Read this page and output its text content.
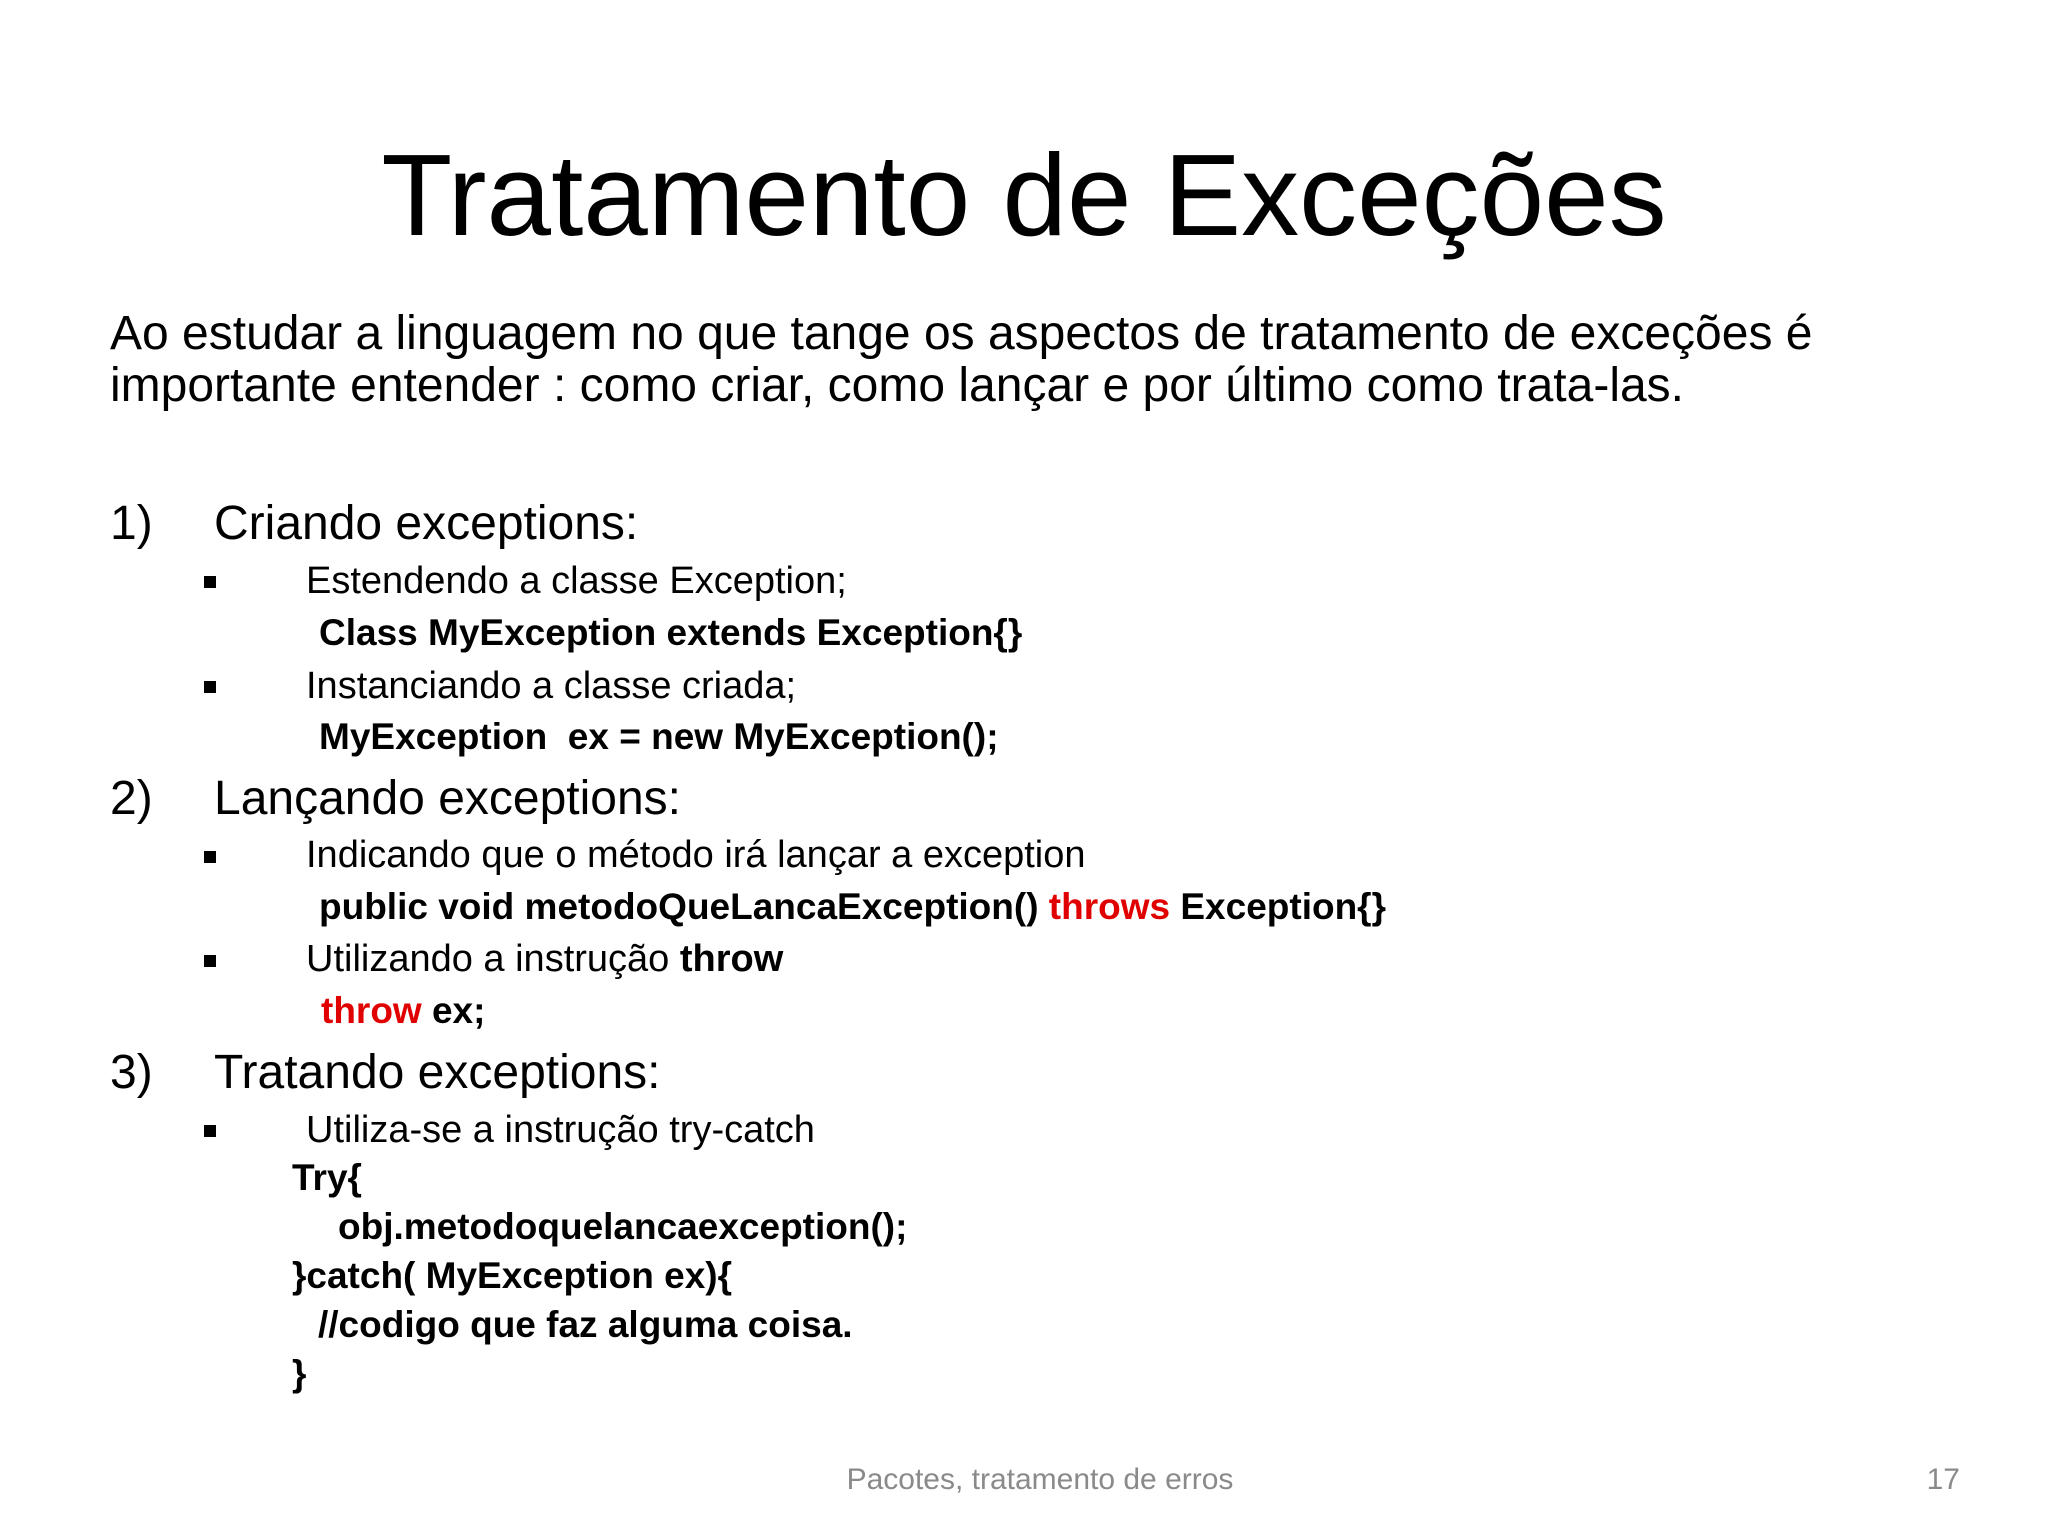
Tratamento de Exceções
Ao estudar a linguagem no que tange os aspectos de tratamento de exceções é
importante entender : como criar, como lançar e por último como trata-las.
1) Criando exceptions:
Estendendo a classe Exception;
Class MyException extends Exception{}
Instanciando a classe criada;
MyException  ex = new MyException();
2) Lançando exceptions:
Indicando que o método irá lançar a exception
public void metodoQueLancaException() throws Exception{}
Utilizando a instrução throw
throw ex;
3) Tratando exceptions:
Utiliza-se a instrução try-catch
Try{
obj.metodoquelancaexception();
}catch( MyException ex){
//codigo que faz alguma coisa.
}
Pacotes, tratamento de erros	17
